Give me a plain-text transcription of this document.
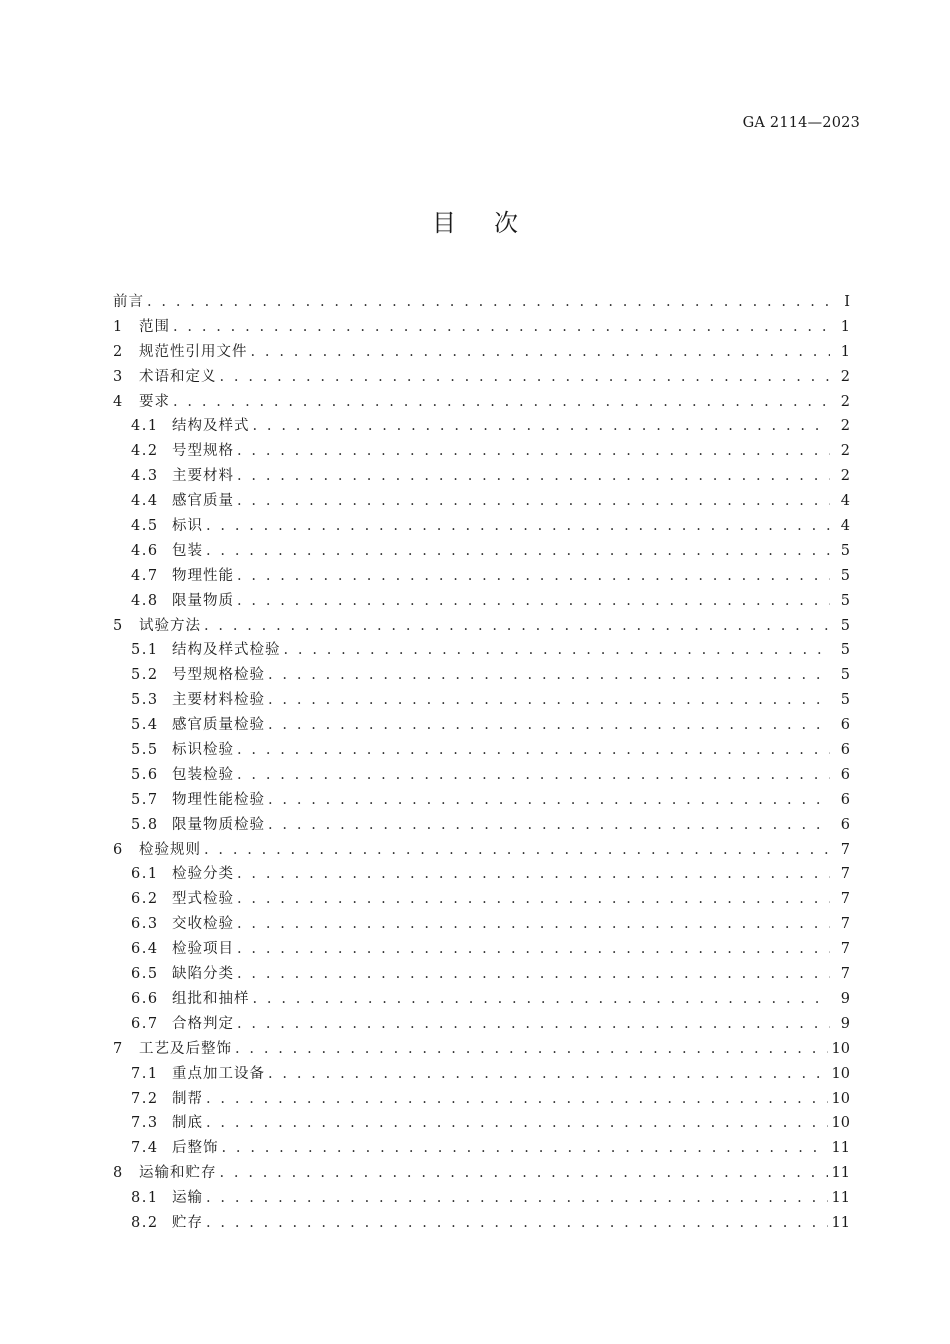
GA 2114—2023
目 次
前言 . . .	Ⅰ
1	范围 . . .	1
2	规范性引用文件 . . .	1
3	术语和定义 . . .	2
4	要求 . . .	2
4.1 结构及样式 . . .	2
4.2 号型规格 . . .	2
4.3 主要材料 . . .	2
4.4 感官质量 . . .	4
4.5 标识 . . .	4
4.6 包装 . . .	5
4.7 物理性能 . . .	5
4.8 限量物质 . . .	5
5	试验方法 . . .	5
5.1 结构及样式检验 . . .	5
5.2 号型规格检验 . . .	5
5.3 主要材料检验 . . .	5
5.4 感官质量检验 . . .	6
5.5 标识检验 . . .	6
5.6 包装检验 . . .	6
5.7 物理性能检验 . . .	6
5.8 限量物质检验 . . .	6
6	检验规则 . . .	7
6.1 检验分类 . . .	7
6.2 型式检验 . . .	7
6.3 交收检验 . . .	7
6.4 检验项目 . . .	7
6.5 缺陷分类 . . .	7
6.6 组批和抽样 . . .	9
6.7 合格判定 . . .	9
7	工艺及后整饰 . . .	10
7.1 重点加工设备 . . .	10
7.2 制帮 . . .	10
7.3 制底 . . .	10
7.4 后整饰 . . .	11
8	运输和贮存 . . .	11
8.1 运输 . . .	11
8.2 贮存 . . .	11
